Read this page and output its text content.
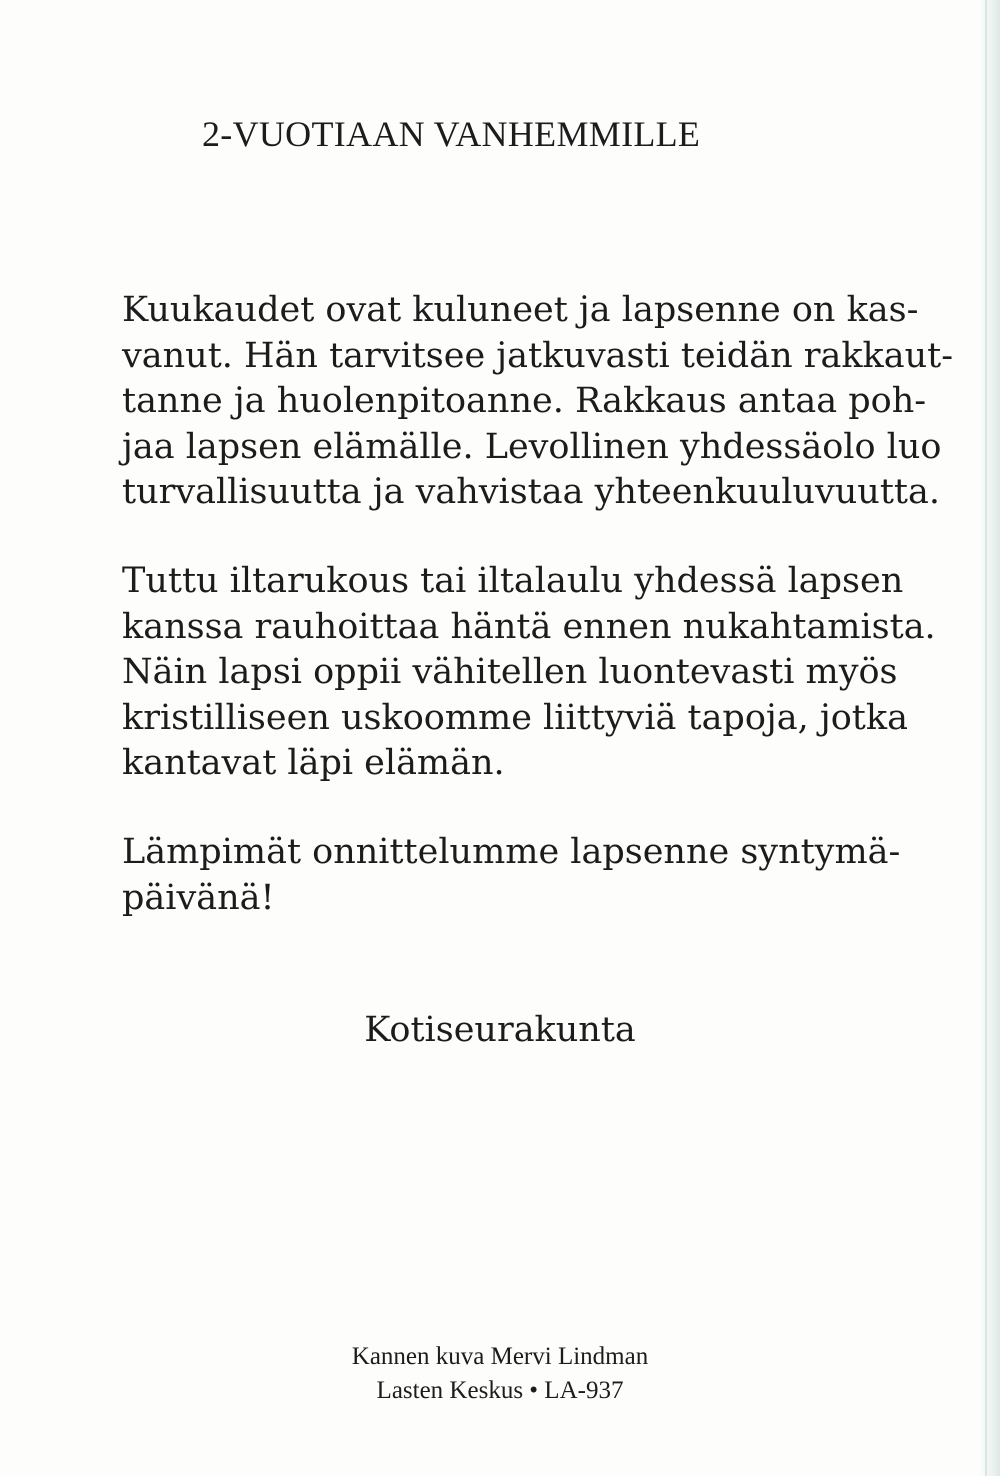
2-VUOTIAAN VANHEMMILLE
Kuukaudet ovat kuluneet ja lapsenne on kas-
vanut. Hän tarvitsee jatkuvasti teidän rakkaut-
tanne ja huolenpitoanne. Rakkaus antaa poh-
jaa lapsen elämälle. Levollinen yhdessäolo luo
turvallisuutta ja vahvistaa yhteenkuuluvuutta.
Tuttu iltarukous tai iltalaulu yhdessä lapsen
kanssa rauhoittaa häntä ennen nukahtamista.
Näin lapsi oppii vähitellen luontevasti myös
kristilliseen uskoomme liittyviä tapoja, jotka
kantavat läpi elämän.
Lämpimät onnittelumme lapsenne syntymä-
päivänä!

Kotiseurakunta

Kannen kuva Mervi Lindman
Lasten Keskus • LA-937
